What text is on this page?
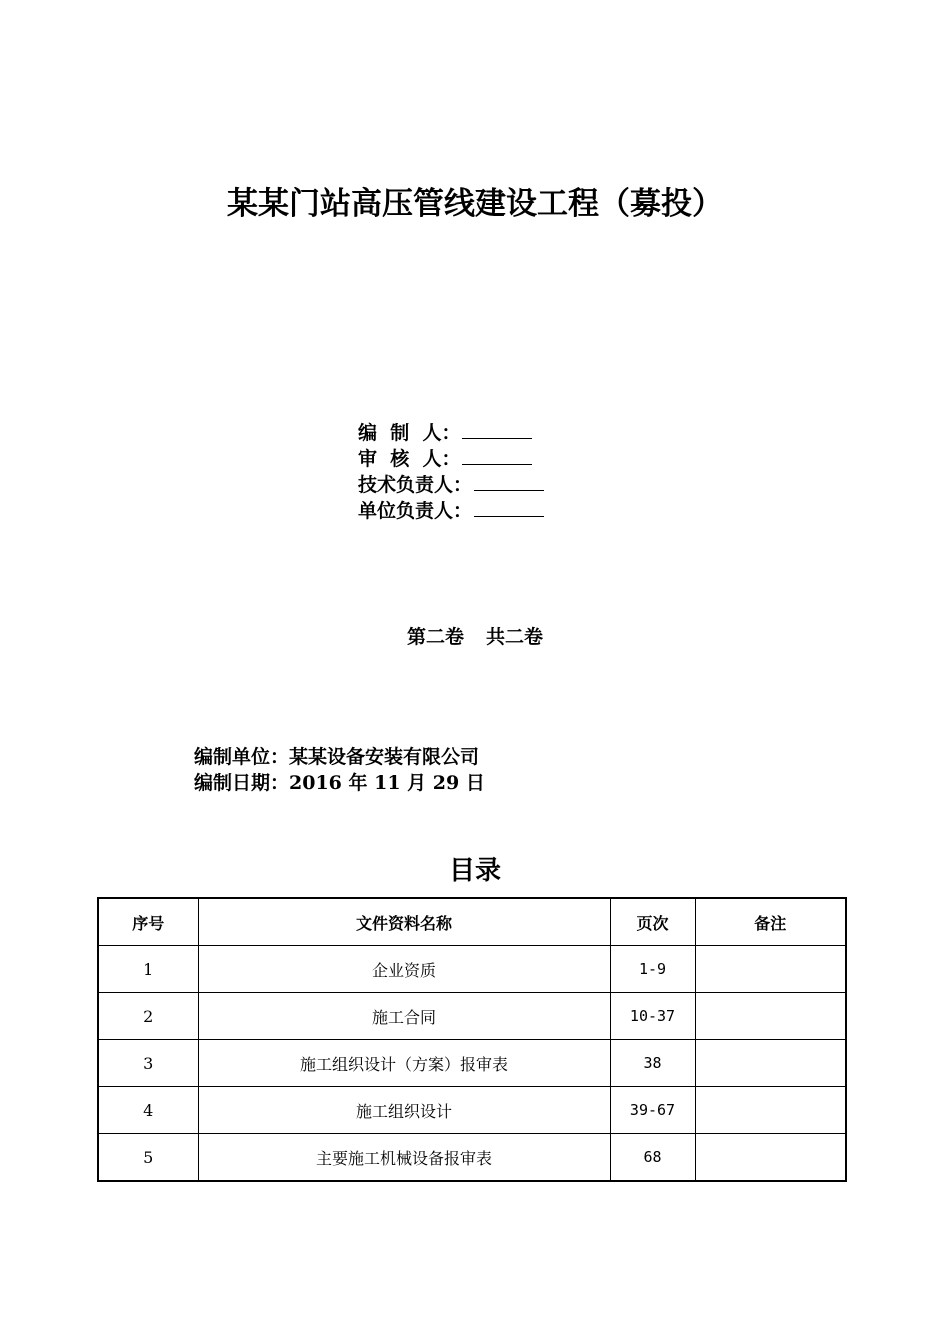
某某门站高压管线建设工程（募投）
编  制  人：
审  核  人：
技术负责人：
单位负责人：
第二卷 共二卷
编制单位：某某设备安装有限公司
编制日期：2016 年 11 月 29 日
目录
序号	文件资料名称	页次	备注
1	企业资质	1-9	
2	施工合同	10-37	
3	施工组织设计（方案）报审表	38	
4	施工组织设计	39-67	
5	主要施工机械设备报审表	68	
